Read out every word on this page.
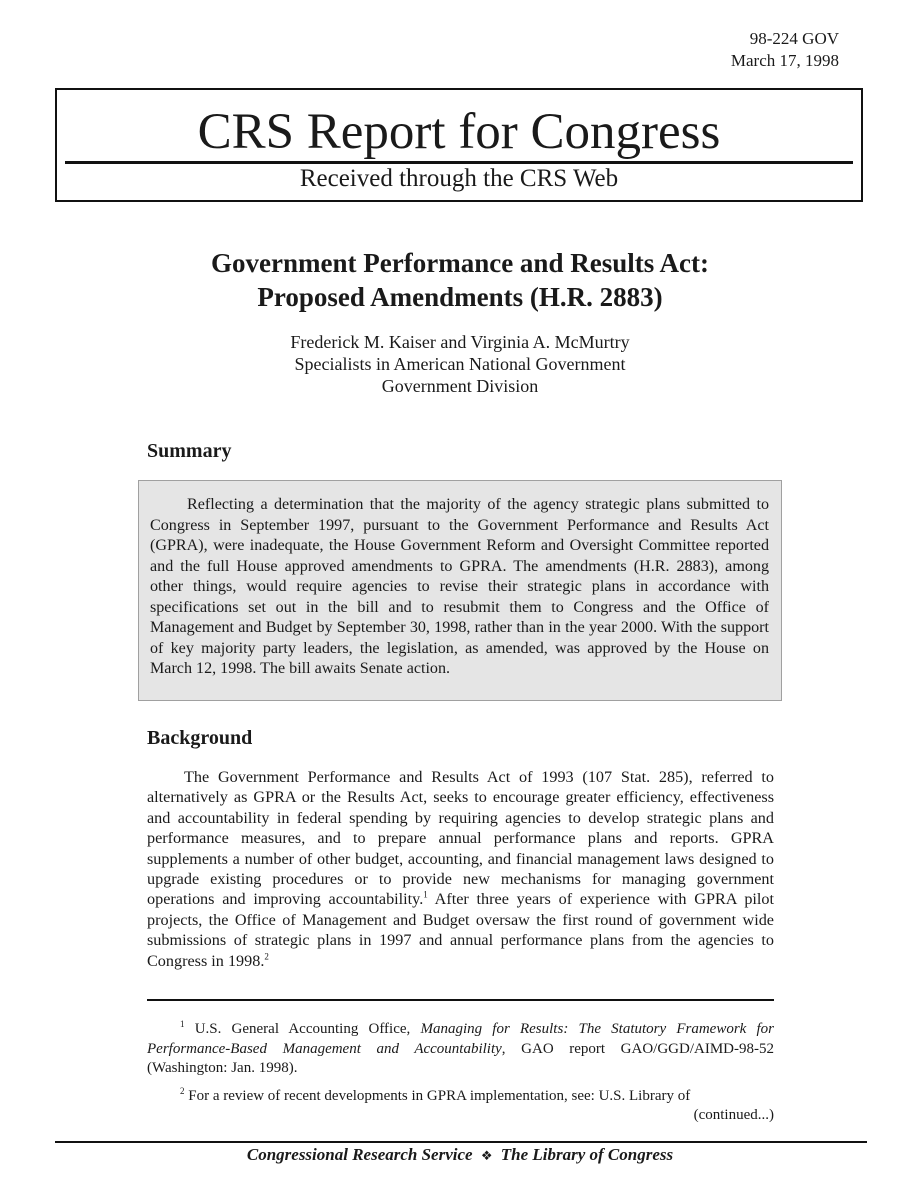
98-224 GOV
March 17, 1998
CRS Report for Congress
Received through the CRS Web
Government Performance and Results Act:
Proposed Amendments (H.R. 2883)
Frederick M. Kaiser and Virginia A. McMurtry
Specialists in American National Government
Government Division
Summary

Reflecting a determination that the majority of the agency strategic plans submitted to Congress in September 1997, pursuant to the Government Performance and Results Act (GPRA), were inadequate, the House Government Reform and Oversight Committee reported and the full House approved amendments to GPRA. The amendments (H.R. 2883), among other things, would require agencies to revise their strategic plans in accordance with specifications set out in the bill and to resubmit them to Congress and the Office of Management and Budget by September 30, 1998, rather than in the year 2000. With the support of key majority party leaders, the legislation, as amended, was approved by the House on March 12, 1998. The bill awaits Senate action.

Background

The Government Performance and Results Act of 1993 (107 Stat. 285), referred to alternatively as GPRA or the Results Act, seeks to encourage greater efficiency, effectiveness and accountability in federal spending by requiring agencies to develop strategic plans and performance measures, and to prepare annual performance plans and reports. GPRA supplements a number of other budget, accounting, and financial management laws designed to upgrade existing procedures or to provide new mechanisms for managing government operations and improving accountability.$^1$ After three years of experience with GPRA pilot projects, the Office of Management and Budget oversaw the first round of government wide submissions of strategic plans in 1997 and annual performance plans from the agencies to Congress in 1998.$^2$

$^1$ U.S. General Accounting Office, Managing for Results: The Statutory Framework for Performance-Based Management and Accountability, GAO report GAO/GGD/AIMD-98-52 (Washington: Jan. 1998).

$^2$ For a review of recent developments in GPRA implementation, see: U.S. Library of

(continued...)
Congressional Research Service ❖ The Library of Congress
